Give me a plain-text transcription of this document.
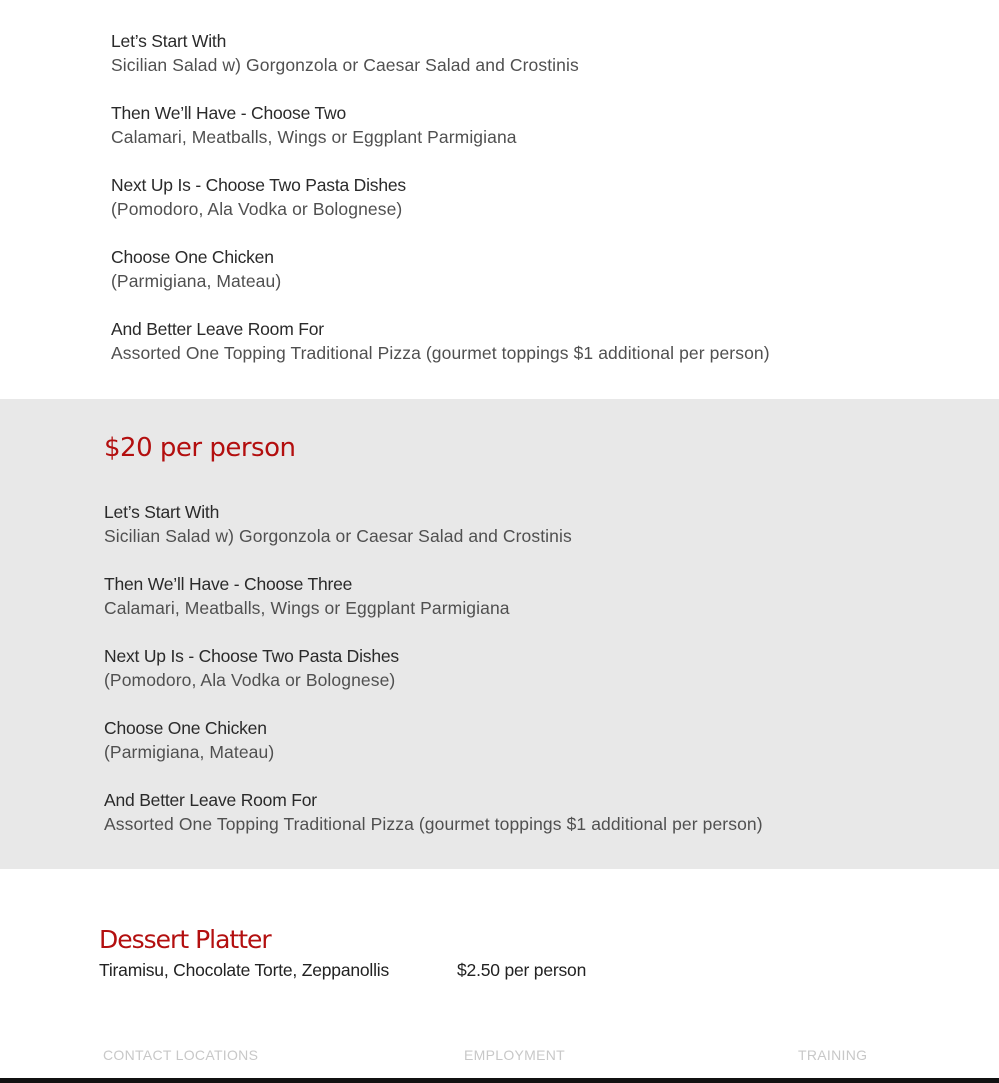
Let’s Start With
Sicilian Salad w) Gorgonzola or Caesar Salad and Crostinis
Then We’ll Have - Choose Two
Calamari, Meatballs, Wings or Eggplant Parmigiana
Next Up Is - Choose Two Pasta Dishes
(Pomodoro, Ala Vodka or Bolognese)
Choose One Chicken
(Parmigiana, Mateau)
And Better Leave Room For
Assorted One Topping Traditional Pizza (gourmet toppings $1 additional per person)
$20 per person
Let’s Start With
Sicilian Salad w) Gorgonzola or Caesar Salad and Crostinis
Then We’ll Have - Choose Three
Calamari, Meatballs, Wings or Eggplant Parmigiana
Next Up Is - Choose Two Pasta Dishes
(Pomodoro, Ala Vodka or Bolognese)
Choose One Chicken
(Parmigiana, Mateau)
And Better Leave Room For
Assorted One Topping Traditional Pizza (gourmet toppings $1 additional per person)
Dessert Platter
Tiramisu, Chocolate Torte, Zeppanollis	$2.50 per person
CONTACT LOCATIONS	EMPLOYMENT	TRAINING
